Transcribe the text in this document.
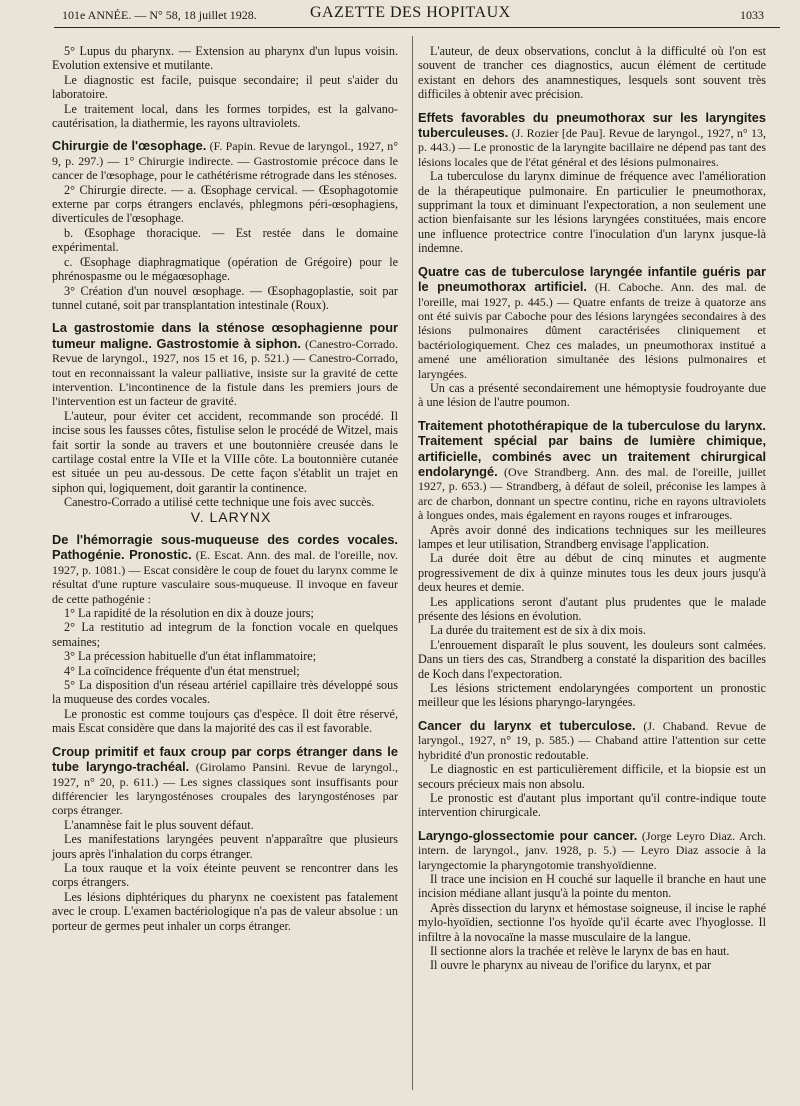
101e ANNÉE. — N° 58, 18 juillet 1928.	GAZETTE DES HOPITAUX	1033

5° Lupus du pharynx. — Extension au pharynx d'un lupus voisin. Evolution extensive et mutilante.

Le diagnostic est facile, puisque secondaire; il peut s'aider du laboratoire.

Le traitement local, dans les formes torpides, est la galvano-cautérisation, la diathermie, les rayons ultraviolets.

Chirurgie de l'œsophage. (F. Papin. Revue de laryngol., 1927, n° 9, p. 297.) — 1° Chirurgie indirecte. — Gastrostomie précoce dans le cancer de l'œsophage, pour le cathétérisme rétrograde dans les sténoses.

2° Chirurgie directe. — a. Œsophage cervical. — Œsophagotomie externe par corps étrangers enclavés, phlegmons péri-œsophagiens, diverticules de l'œsophage.

b. Œsophage thoracique. — Est restée dans le domaine expérimental.

c. Œsophage diaphragmatique (opération de Grégoire) pour le phrénospasme ou le mégaœsophage.

3° Création d'un nouvel œsophage. — Œsophagoplastie, soit par tunnel cutané, soit par transplantation intestinale (Roux).

La gastrostomie dans la sténose œsophagienne pour tumeur maligne. Gastrostomie à siphon. (Canestro-Corrado. Revue de laryngol., 1927, nos 15 et 16, p. 521.) — Canestro-Corrado, tout en reconnaissant la valeur palliative, insiste sur la gravité de cette intervention. L'incontinence de la fistule dans les premiers jours de l'intervention est un facteur de gravité.

L'auteur, pour éviter cet accident, recommande son procédé. Il incise sous les fausses côtes, fistulise selon le procédé de Witzel, mais fait sortir la sonde au travers et une boutonnière creusée dans le cartilage costal entre la VIIe et la VIIIe côte. La boutonnière cutanée est située un peu au-dessous. De cette façon s'établit un trajet en siphon qui, logiquement, doit garantir la continence.

Canestro-Corrado a utilisé cette technique une fois avec succès.

V. LARYNX

De l'hémorragie sous-muqueuse des cordes vocales. Pathogénie. Pronostic. (E. Escat. Ann. des mal. de l'oreille, nov. 1927, p. 1081.) — Escat considère le coup de fouet du larynx comme le résultat d'une rupture vasculaire sous-muqueuse. Il invoque en faveur de cette pathogénie :

1° La rapidité de la résolution en dix à douze jours;

2° La restitutio ad integrum de la fonction vocale en quelques semaines;

3° La précession habituelle d'un état inflammatoire;

4° La coïncidence fréquente d'un état menstruel;

5° La disposition d'un réseau artériel capillaire très développé sous la muqueuse des cordes vocales.

Le pronostic est comme toujours ças d'espèce. Il doit être réservé, mais Escat considère que dans la majorité des cas il est favorable.

Croup primitif et faux croup par corps étranger dans le tube laryngo-trachéal. (Girolamo Pansini. Revue de laryngol., 1927, n° 20, p. 611.) — Les signes classiques sont insuffisants pour différencier les laryngosténoses croupales des laryngosténoses par corps étranger.

L'anamnèse fait le plus souvent défaut.

Les manifestations laryngées peuvent n'apparaître que plusieurs jours après l'inhalation du corps étranger.

La toux rauque et la voix éteinte peuvent se rencontrer dans les corps étrangers.

Les lésions diphtériques du pharynx ne coexistent pas fatalement avec le croup. L'examen bactériologique n'a pas de valeur absolue : un porteur de germes peut inhaler un corps étranger.

L'auteur, de deux observations, conclut à la difficulté où l'on est souvent de trancher ces diagnostics, aucun élément de certitude existant en dehors des anamnestiques, lesquels sont souvent très difficiles à obtenir avec précision.

Effets favorables du pneumothorax sur les laryngites tuberculeuses. (J. Rozier [de Pau]. Revue de laryngol., 1927, n° 13, p. 443.) — Le pronostic de la laryngite bacillaire ne dépend pas tant des lésions locales que de l'état général et des lésions pulmonaires.

La tuberculose du larynx diminue de fréquence avec l'amélioration de la thérapeutique pulmonaire. En particulier le pneumothorax, supprimant la toux et diminuant l'expectoration, a non seulement une action bienfaisante sur les lésions laryngées constituées, mais encore une influence protectrice contre l'inoculation d'un larynx jusque-là indemne.

Quatre cas de tuberculose laryngée infantile guéris par le pneumothorax artificiel. (H. Caboche. Ann. des mal. de l'oreille, mai 1927, p. 445.) — Quatre enfants de treize à quatorze ans ont été suivis par Caboche pour des lésions laryngées secondaires à des lésions pulmonaires dûment caractérisées cliniquement et bactériologiquement. Chez ces malades, un pneumothorax institué a amené une amélioration simultanée des lésions pulmonaires et laryngées.

Un cas a présenté secondairement une hémoptysie foudroyante due à une lésion de l'autre poumon.

Traitement photothérapique de la tuberculose du larynx. Traitement spécial par bains de lumière chimique, artificielle, combinés avec un traitement chirurgical endolaryngé. (Ove Strandberg. Ann. des mal. de l'oreille, juillet 1927, p. 653.) — Strandberg, à défaut de soleil, préconise les lampes à arc de charbon, donnant un spectre continu, riche en rayons ultraviolets à longues ondes, mais également en rayons rouges et infrarouges.

Après avoir donné des indications techniques sur les meilleures lampes et leur utilisation, Strandberg envisage l'application.

La durée doit être au début de cinq minutes et augmente progressivement de dix à quinze minutes tous les deux jours jusqu'à deux heures et demie.

Les applications seront d'autant plus prudentes que le malade présente des lésions en évolution.

La durée du traitement est de six à dix mois.

L'enrouement disparaît le plus souvent, les douleurs sont calmées. Dans un tiers des cas, Strandberg a constaté la disparition des bacilles de Koch dans l'expectoration.

Les lésions strictement endolaryngées comportent un pronostic meilleur que les lésions pharyngo-laryngées.

Cancer du larynx et tuberculose. (J. Chaband. Revue de laryngol., 1927, n° 19, p. 585.) — Chaband attire l'attention sur cette hybridité d'un pronostic redoutable.

Le diagnostic en est particulièrement difficile, et la biopsie est un secours précieux mais non absolu.

Le pronostic est d'autant plus important qu'il contre-indique toute intervention chirurgicale.

Laryngo-glossectomie pour cancer. (Jorge Leyro Diaz. Arch. intern. de laryngol., janv. 1928, p. 5.) — Leyro Diaz associe à la laryngectomie la pharyngotomie transhyoïdienne.

Il trace une incision en H couché sur laquelle il branche en haut une incision médiane allant jusqu'à la pointe du menton.

Après dissection du larynx et hémostase soigneuse, il incise le raphé mylo-hyoïdien, sectionne l'os hyoïde qu'il écarte avec l'hyoglosse. Il infiltre à la novocaïne la masse musculaire de la langue.

Il sectionne alors la trachée et relève le larynx de bas en haut.

Il ouvre le pharynx au niveau de l'orifice du larynx, et par
